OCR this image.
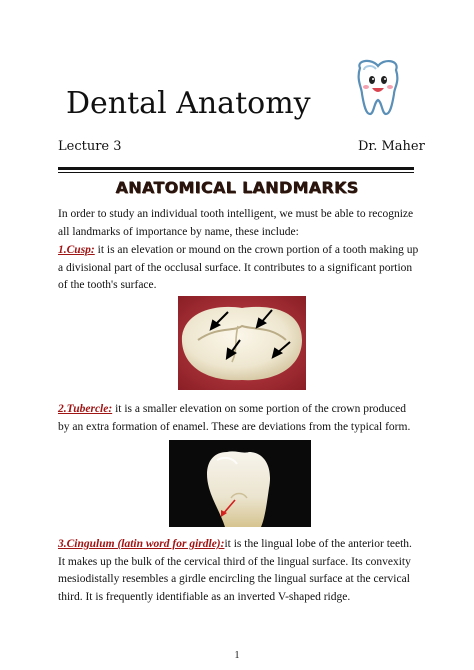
Dental Anatomy
Lecture 3	Dr. Maher
ANATOMICAL LANDMARKS
In order to study an individual tooth intelligent, we must be able to recognize all landmarks of importance by name, these include:
1.Cusp: it is an elevation or mound on the crown portion of a tooth making up a divisional part of the occlusal surface. It contributes to a significant portion of the tooth's surface.
2.Tubercle: it is a smaller elevation on some portion of the crown produced by an extra formation of enamel. These are deviations from the typical form.
3.Cingulum (latin word for girdle):it is the lingual lobe of the anterior teeth. It makes up the bulk of the cervical third of the lingual surface. Its convexity mesiodistally resembles a girdle encircling the lingual surface at the cervical third. It is frequently identifiable as an inverted V-shaped ridge.
1
